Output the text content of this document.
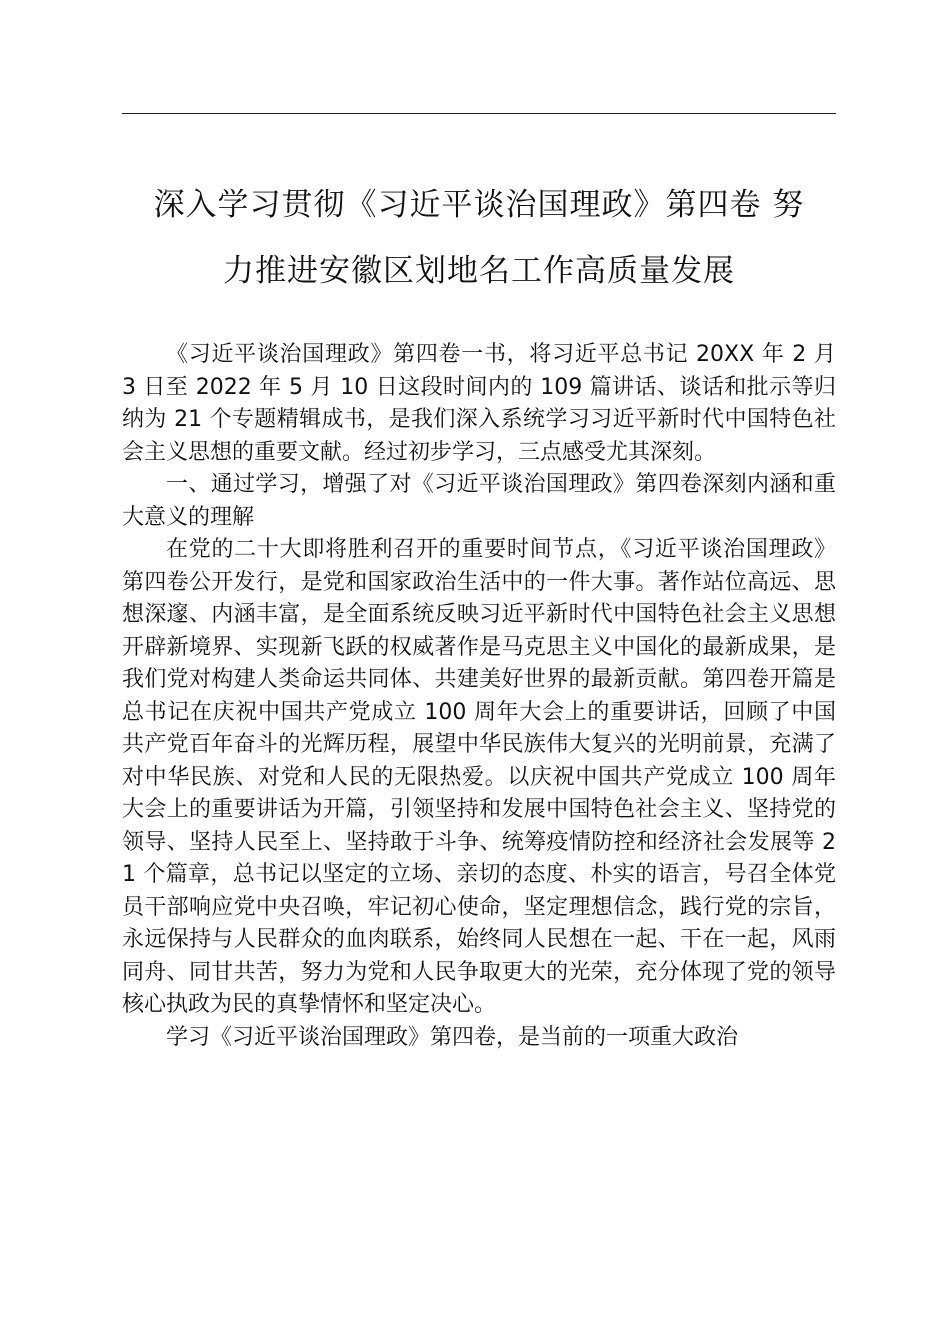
深入学习贯彻《习近平谈治国理政》第四卷 努
力推进安徽区划地名工作高质量发展

《习近平谈治国理政》第四卷一书，将习近平总书记 20XX 年 2 月 3 日至 2022 年 5 月 10 日这段时间内的 109 篇讲话、谈话和批示等归纳为 21 个专题精辑成书，是我们深入系统学习习近平新时代中国特色社会主义思想的重要文献。经过初步学习，三点感受尤其深刻。

一、通过学习，增强了对《习近平谈治国理政》第四卷深刻内涵和重大意义的理解

在党的二十大即将胜利召开的重要时间节点，《习近平谈治国理政》第四卷公开发行，是党和国家政治生活中的一件大事。著作站位高远、思想深邃、内涵丰富，是全面系统反映习近平新时代中国特色社会主义思想开辟新境界、实现新飞跃的权威著作是马克思主义中国化的最新成果，是我们党对构建人类命运共同体、共建美好世界的最新贡献。第四卷开篇是总书记在庆祝中国共产党成立 100 周年大会上的重要讲话，回顾了中国共产党百年奋斗的光辉历程，展望中华民族伟大复兴的光明前景，充满了对中华民族、对党和人民的无限热爱。以庆祝中国共产党成立 100 周年大会上的重要讲话为开篇，引领坚持和发展中国特色社会主义、坚持党的领导、坚持人民至上、坚持敢于斗争、统筹疫情防控和经济社会发展等 21 个篇章，总书记以坚定的立场、亲切的态度、朴实的语言，号召全体党员干部响应党中央召唤，牢记初心使命，坚定理想信念，践行党的宗旨，永远保持与人民群众的血肉联系，始终同人民想在一起、干在一起，风雨同舟、同甘共苦，努力为党和人民争取更大的光荣，充分体现了党的领导核心执政为民的真挚情怀和坚定决心。

学习《习近平谈治国理政》第四卷，是当前的一项重大政治
